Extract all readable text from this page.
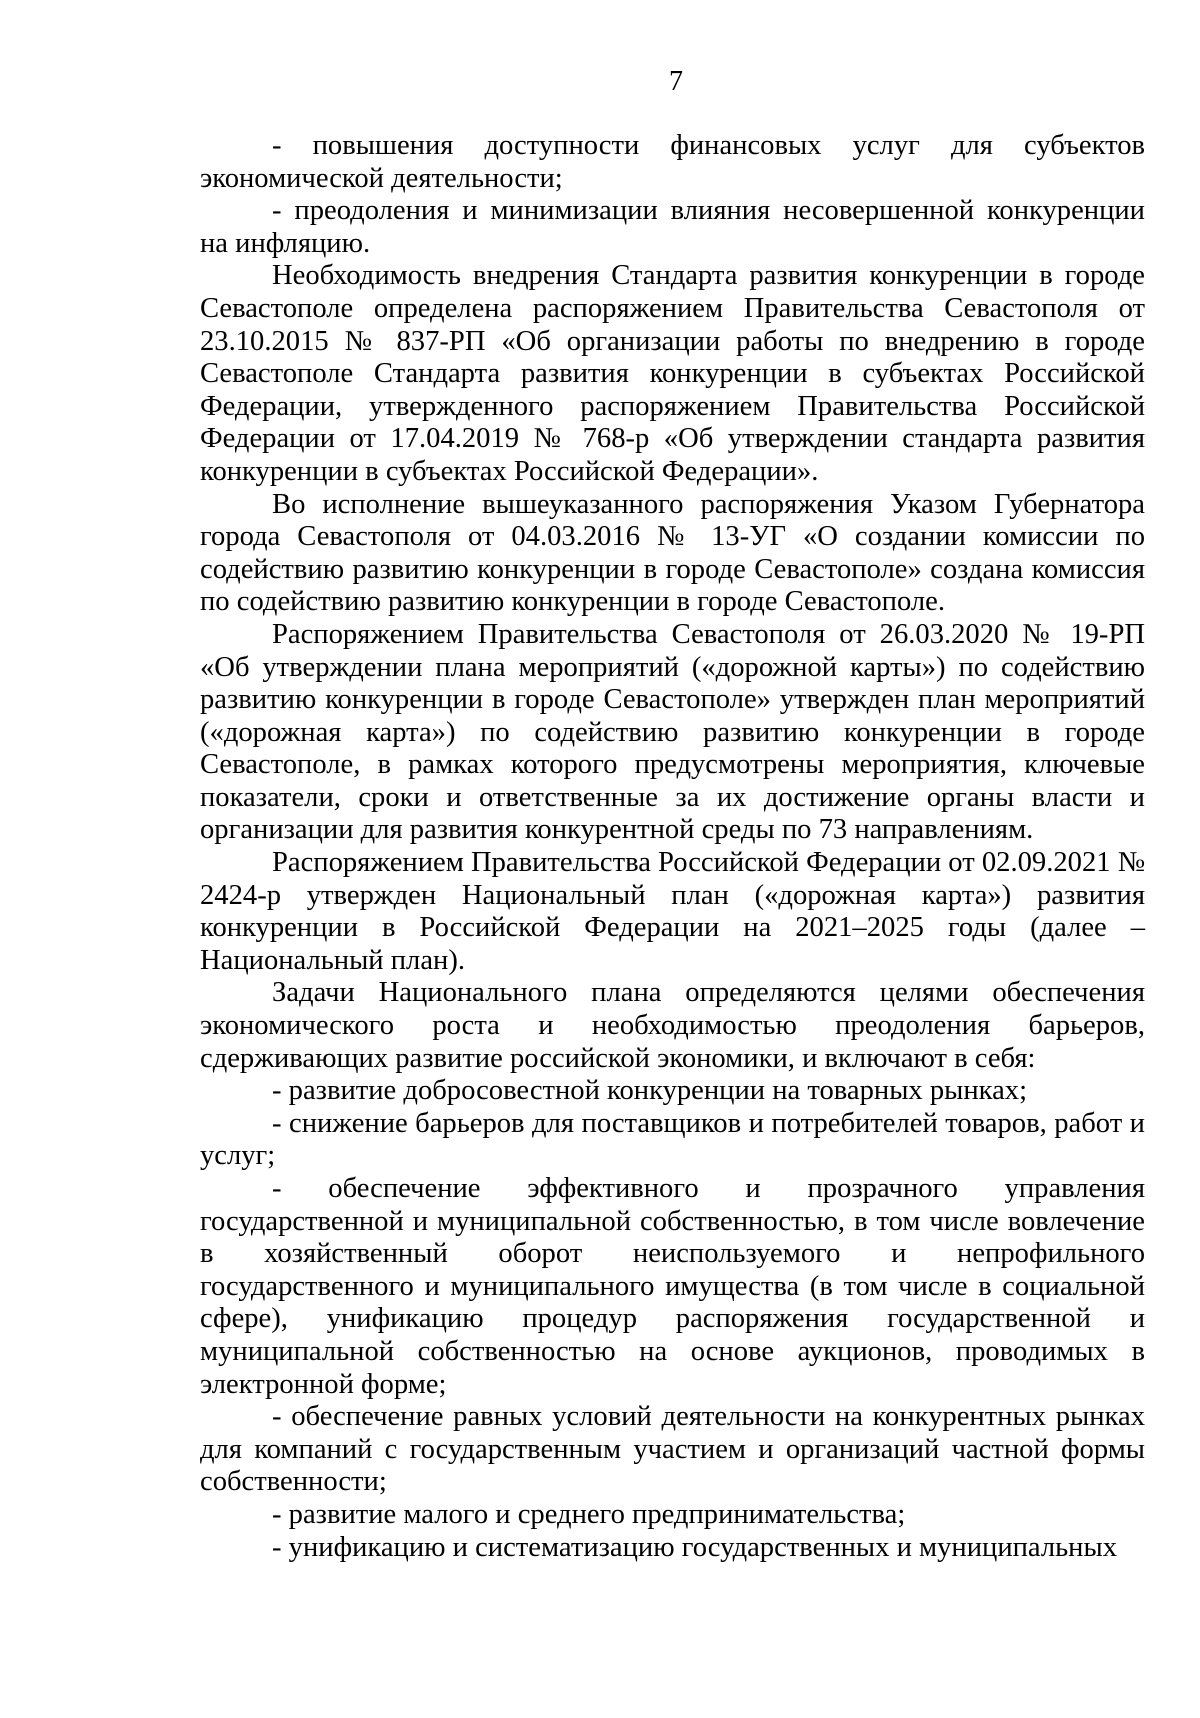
7

- повышения доступности финансовых услуг для субъектов экономической деятельности;

- преодоления и минимизации влияния несовершенной конкуренции на инфляцию.

Необходимость внедрения Стандарта развития конкуренции в городе Севастополе определена распоряжением Правительства Севастополя от 23.10.2015 № 837-РП «Об организации работы по внедрению в городе Севастополе Стандарта развития конкуренции в субъектах Российской Федерации, утвержденного распоряжением Правительства Российской Федерации от 17.04.2019 № 768-р «Об утверждении стандарта развития конкуренции в субъектах Российской Федерации».

Во исполнение вышеуказанного распоряжения Указом Губернатора города Севастополя от 04.03.2016 № 13-УГ «О создании комиссии по содействию развитию конкуренции в городе Севастополе» создана комиссия по содействию развитию конкуренции в городе Севастополе.

Распоряжением Правительства Севастополя от 26.03.2020 № 19-РП «Об утверждении плана мероприятий («дорожной карты») по содействию развитию конкуренции в городе Севастополе» утвержден план мероприятий («дорожная карта») по содействию развитию конкуренции в городе Севастополе, в рамках которого предусмотрены мероприятия, ключевые показатели, сроки и ответственные за их достижение органы власти и организации для развития конкурентной среды по 73 направлениям.

Распоряжением Правительства Российской Федерации от 02.09.2021 № 2424-р утвержден Национальный план («дорожная карта») развития конкуренции в Российской Федерации на 2021–2025 годы (далее – Национальный план).

Задачи Национального плана определяются целями обеспечения экономического роста и необходимостью преодоления барьеров, сдерживающих развитие российской экономики, и включают в себя:

- развитие добросовестной конкуренции на товарных рынках;

- снижение барьеров для поставщиков и потребителей товаров, работ и услуг;

- обеспечение эффективного и прозрачного управления государственной и муниципальной собственностью, в том числе вовлечение в хозяйственный оборот неиспользуемого и непрофильного государственного и муниципального имущества (в том числе в социальной сфере), унификацию процедур распоряжения государственной и муниципальной собственностью на основе аукционов, проводимых в электронной форме;

- обеспечение равных условий деятельности на конкурентных рынках для компаний с государственным участием и организаций частной формы собственности;

- развитие малого и среднего предпринимательства;

- унификацию и систематизацию государственных и муниципальных
